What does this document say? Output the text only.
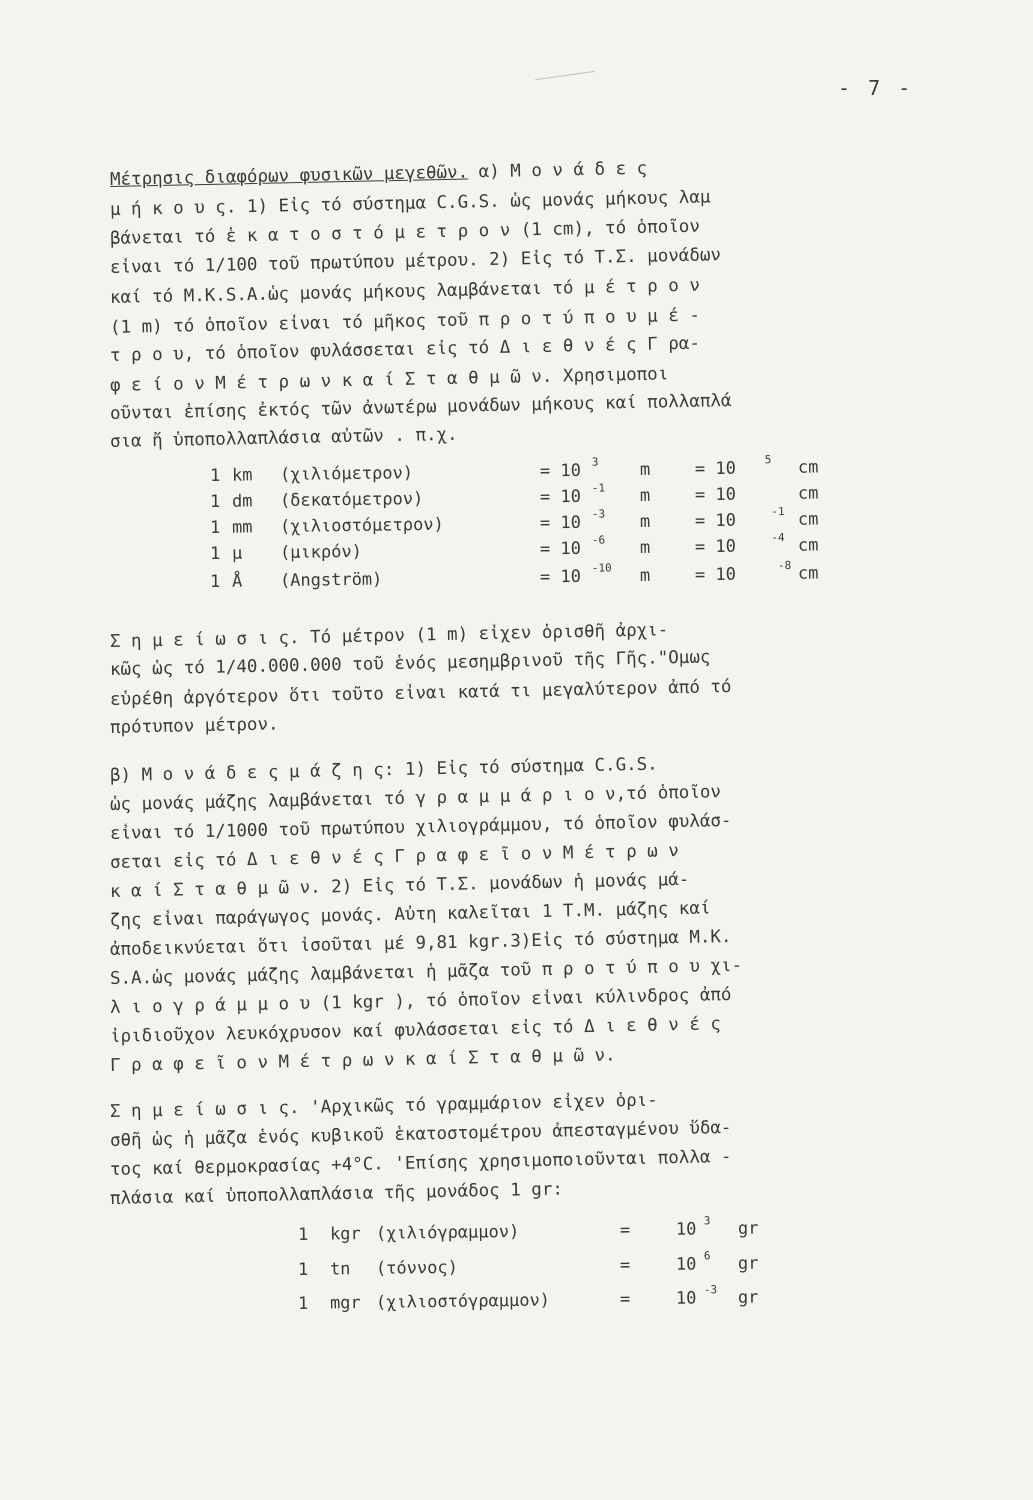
- 7 -
Μέτρησις διαφόρων φυσικῶν μεγεθῶν. α) Μ ο ν ά δ ε ς
μ ή κ ο υ ς. 1) Εἰς τό σύστημα C.G.S. ὡς μονάς μήκους λαμ
βάνεται τό ἑ κ α τ ο σ τ ό μ ε τ ρ ο ν (1 cm), τό ὁποῖον
εἶναι τό 1/100 τοῦ πρωτύπου μέτρου. 2) Εἰς τό Τ.Σ. μονάδων
καί τό M.K.S.A.ὡς μονάς μήκους λαμβάνεται τό μ έ τ ρ ο ν
(1 m) τό ὁποῖον εἶναι τό μῆκος τοῦ π ρ ο τ ύ π ο υ μ έ -
τ ρ ο υ, τό ὁποῖον φυλάσσεται εἰς τό Δ ι ε θ ν έ ς Γ ρα-
φ ε ί ο ν Μ έ τ ρ ω ν κ α ί Σ τ α θ μ ῶ ν. Χρησιμοποι
οῦνται ἐπίσης ἐκτός τῶν ἀνωτέρω μονάδων μήκους καί πολλαπλά
σια ἤ ὑποπολλαπλάσια αὐτῶν . π.χ.
1 km (χιλιόμετρον)	= 10 $^3$ m	= 10	$^5$ cm
1 dm (δεκατόμετρον)	= 10 $^{-1}$ m	= 10	cm
1 mm (χιλιοστόμετρον)	= 10 $^{-3}$ m	= 10	$^{-1}$ cm
1 μ (μικρόν)	= 10 $^{-6}$ m	= 10	$^{-4}$ cm
1 Å (Angström)	= 10 $^{-10}$ m	= 10	$^{-8}$ cm
Σ η μ ε ί ω σ ι ς. Τό μέτρον (1 m) εἶχεν ὁρισθῆ ἀρχι-
κῶς ὡς τό 1/40.000.000 τοῦ ἑνός μεσημβρινοῦ τῆς Γῆς."Ομως
εὑρέθη ἀργότερον ὅτι τοῦτο εἶναι κατά τι μεγαλύτερον ἀπό τό
πρότυπον μέτρον.
β) Μ ο ν ά δ ε ς μ ά ζ η ς: 1) Εἰς τό σύστημα C.G.S.
ὡς μονάς μάζης λαμβάνεται τό γ ρ α μ μ ά ρ ι ο ν,τό ὁποῖον
εἶναι τό 1/1000 τοῦ πρωτύπου χιλιογράμμου, τό ὁποῖον φυλάσ-
σεται εἰς τό Δ ι ε θ ν έ ς Γ ρ α φ ε ῖ ο ν Μ έ τ ρ ω ν
κ α ί Σ τ α θ μ ῶ ν. 2) Εἰς τό Τ.Σ. μονάδων ἡ μονάς μά-
ζης εἶναι παράγωγος μονάς. Αὐτη καλεῖται 1 Τ.Μ. μάζης καί
ἀποδεικνύεται ὅτι ἰσοῦται μέ 9,81 kgr.3)Εἰς τό σύστημα M.K.
S.A.ὡς μονάς μάζης λαμβάνεται ἡ μᾶζα τοῦ π ρ ο τ ύ π ο υ χι-
λ ι ο γ ρ ά μ μ ο υ (1 kgr ), τό ὁποῖον εἶναι κύλινδρος ἀπό
ἰριδιοῦχον λευκόχρυσον καί φυλάσσεται εἰς τό Δ ι ε θ ν έ ς
Γ ρ α φ ε ῖ ο ν Μ έ τ ρ ω ν κ α ί Σ τ α θ μ ῶ ν.
Σ η μ ε ί ω σ ι ς. 'Αρχικῶς τό γραμμάριον εἶχεν ὁρι-
σθῆ ὡς ἡ μᾶζα ἑνός κυβικοῦ ἑκατοστομέτρου ἀπεσταγμένου ὕδα-
τος καί θερμοκρασίας +4°C. 'Επίσης χρησιμοποιοῦνται πολλα -
πλάσια καί ὑποπολλαπλάσια τῆς μονάδος 1 gr:
1 kgr (χιλιόγραμμον)	=	10 $^3$ gr
1 tn (τόννος)	=	10 $^6$ gr
1 mgr (χιλιοστόγραμμον)	=	10 $^{-3}$ gr
